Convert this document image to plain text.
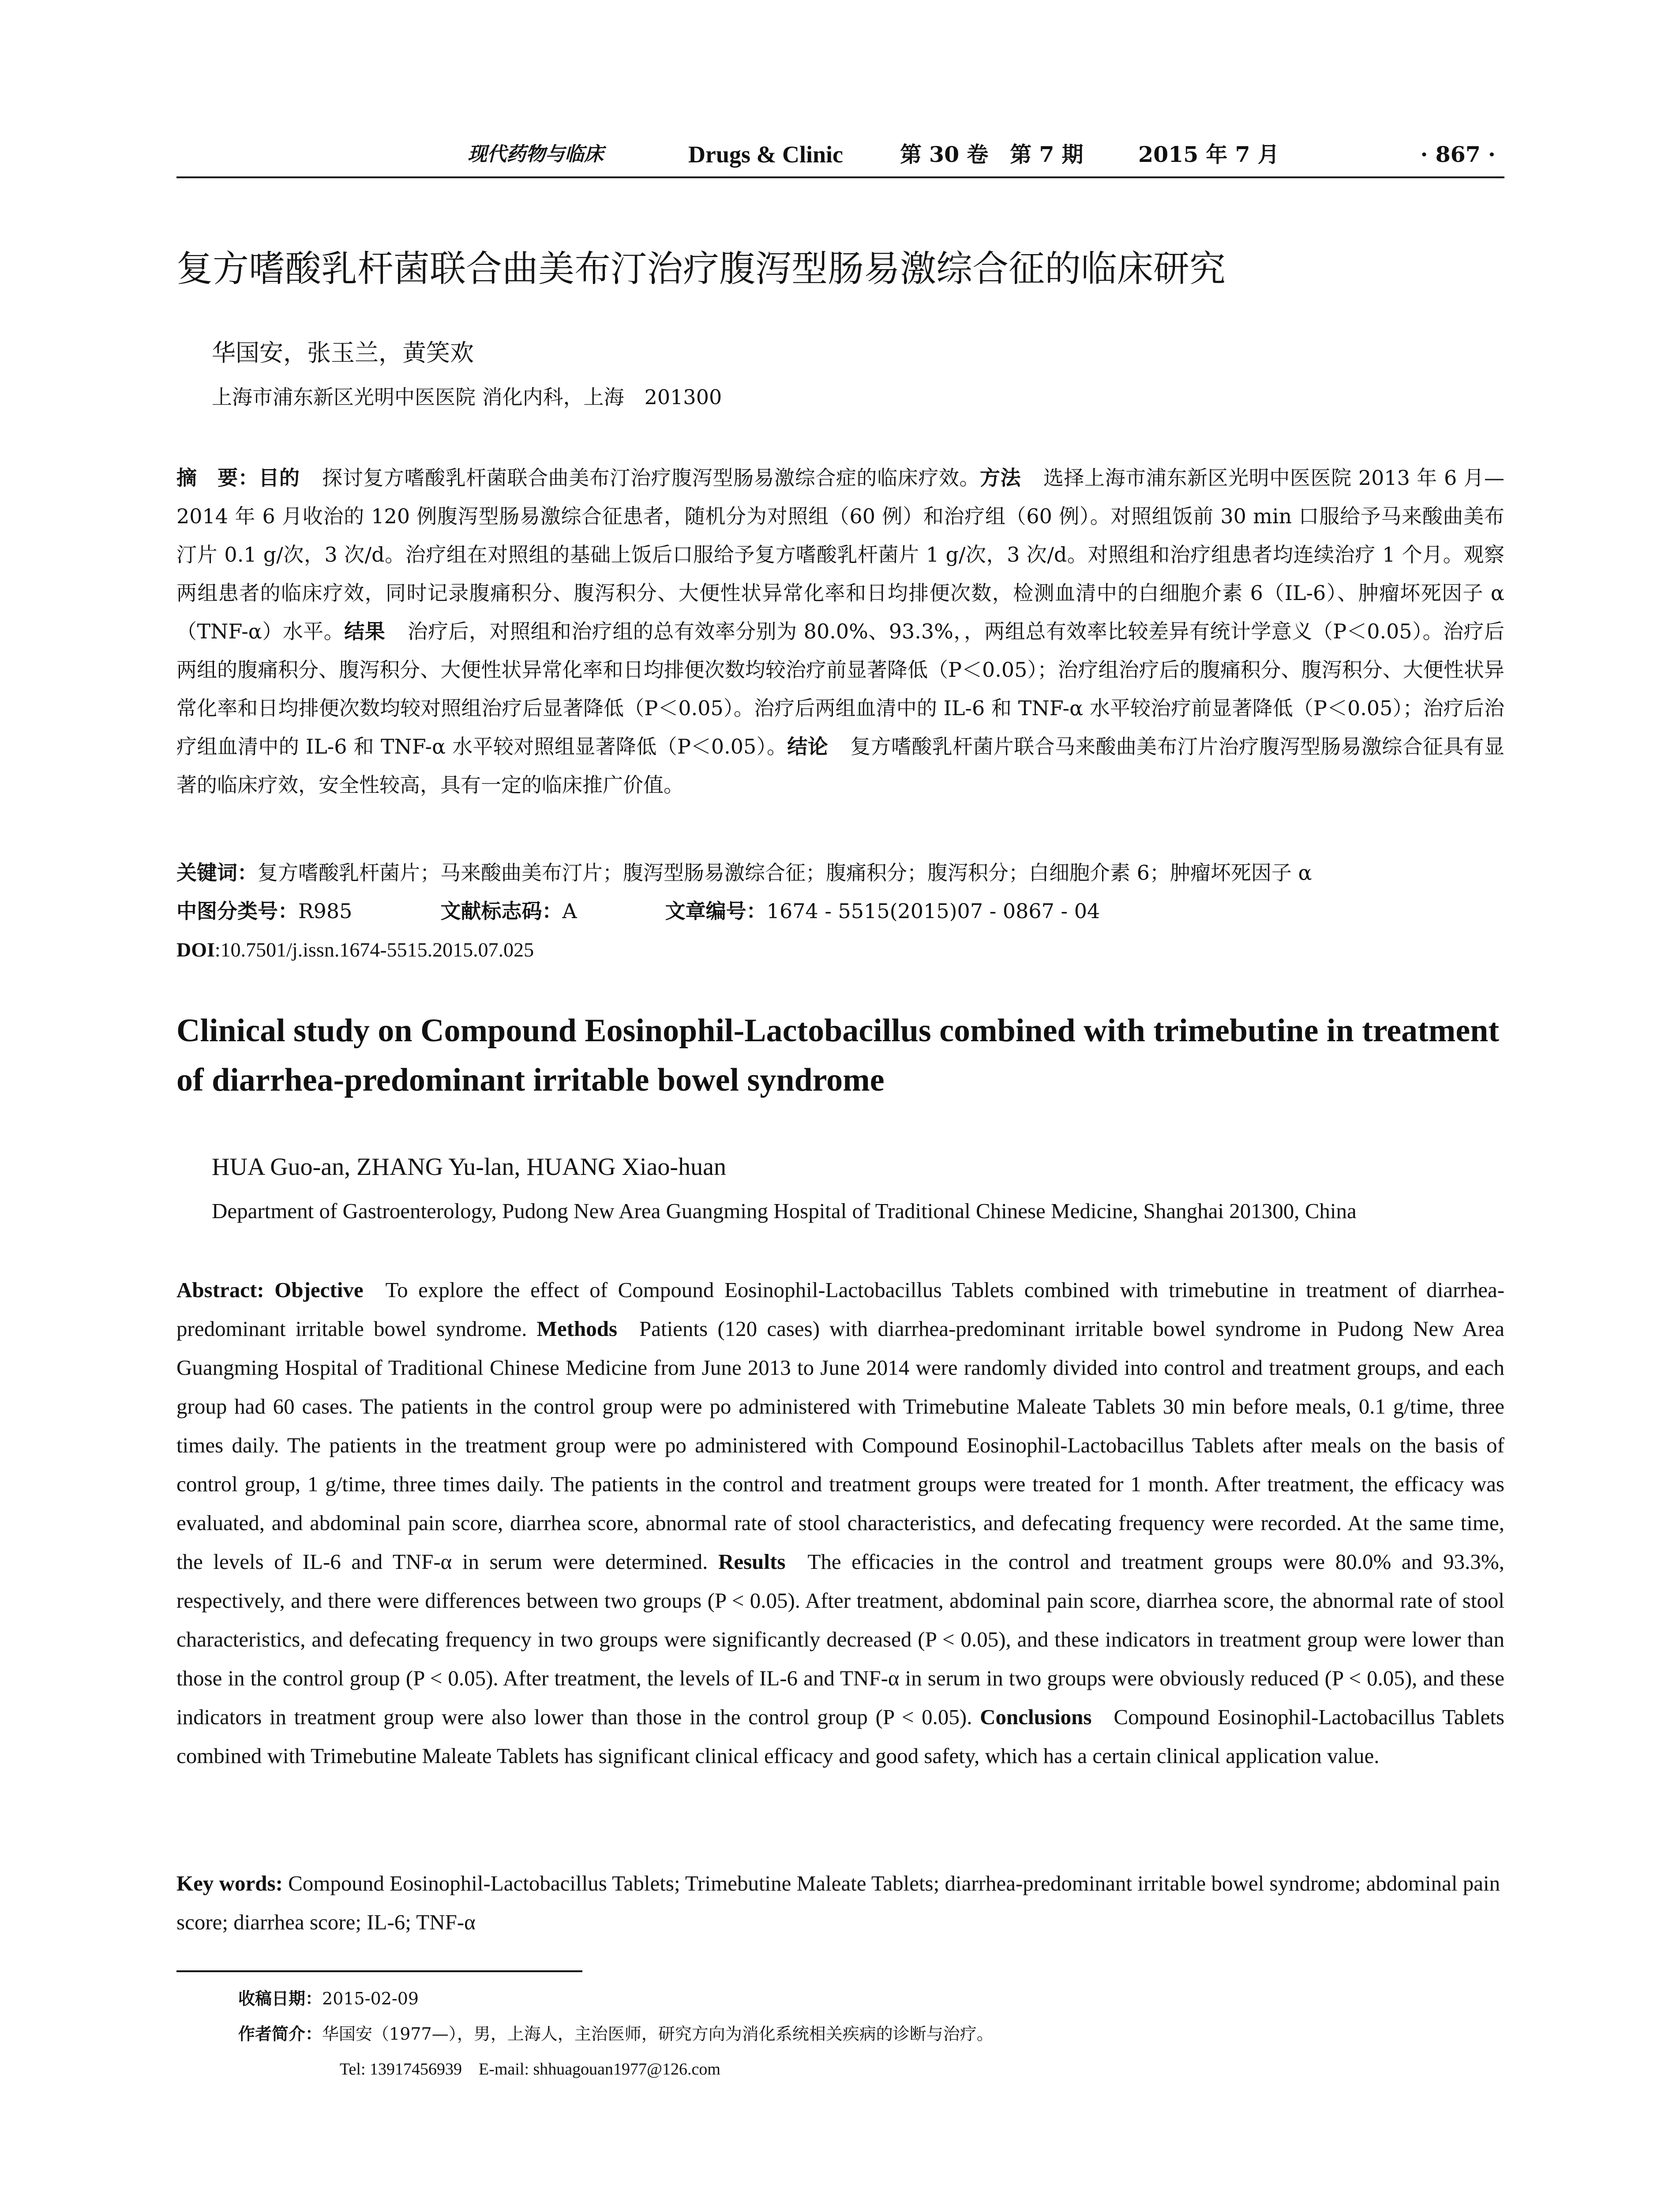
现代药物与临床	Drugs & Clinic	第 30 卷　第 7 期	2015 年 7 月	· 867 ·
复方嗜酸乳杆菌联合曲美布汀治疗腹泻型肠易激综合征的临床研究
华国安，张玉兰，黄笑欢
上海市浦东新区光明中医医院 消化内科，上海　201300

摘　要：目的 探讨复方嗜酸乳杆菌联合曲美布汀治疗腹泻型肠易激综合症的临床疗效。方法 选择上海市浦东新区光明中医医院 2013 年 6 月—2014 年 6 月收治的 120 例腹泻型肠易激综合征患者，随机分为对照组（60 例）和治疗组（60 例）。对照组饭前 30 min 口服给予马来酸曲美布汀片 0.1 g/次，3 次/d。治疗组在对照组的基础上饭后口服给予复方嗜酸乳杆菌片 1 g/次，3 次/d。对照组和治疗组患者均连续治疗 1 个月。观察两组患者的临床疗效，同时记录腹痛积分、腹泻积分、大便性状异常化率和日均排便次数，检测血清中的白细胞介素 6（IL-6）、肿瘤坏死因子 α（TNF-α）水平。结果 治疗后，对照组和治疗组的总有效率分别为 80.0%、93.3%，，两组总有效率比较差异有统计学意义（P＜0.05）。治疗后两组的腹痛积分、腹泻积分、大便性状异常化率和日均排便次数均较治疗前显著降低（P＜0.05）；治疗组治疗后的腹痛积分、腹泻积分、大便性状异常化率和日均排便次数均较对照组治疗后显著降低（P＜0.05）。治疗后两组血清中的 IL-6 和 TNF-α 水平较治疗前显著降低（P＜0.05）；治疗后治疗组血清中的 IL-6 和 TNF-α 水平较对照组显著降低（P＜0.05）。结论 复方嗜酸乳杆菌片联合马来酸曲美布汀片治疗腹泻型肠易激综合征具有显著的临床疗效，安全性较高，具有一定的临床推广价值。

关键词：复方嗜酸乳杆菌片；马来酸曲美布汀片；腹泻型肠易激综合征；腹痛积分；腹泻积分；白细胞介素 6；肿瘤坏死因子 α
中图分类号：R985	文献标志码：A	文章编号：1674 - 5515(2015)07 - 0867 - 04
DOI:10.7501/j.issn.1674-5515.2015.07.025
Clinical study on Compound Eosinophil-Lactobacillus combined with trimebutine in treatment of diarrhea-predominant irritable bowel syndrome
HUA Guo-an, ZHANG Yu-lan, HUANG Xiao-huan
Department of Gastroenterology, Pudong New Area Guangming Hospital of Traditional Chinese Medicine, Shanghai 201300, China

Abstract: Objective To explore the effect of Compound Eosinophil-Lactobacillus Tablets combined with trimebutine in treatment of diarrhea-predominant irritable bowel syndrome. Methods Patients (120 cases) with diarrhea-predominant irritable bowel syndrome in Pudong New Area Guangming Hospital of Traditional Chinese Medicine from June 2013 to June 2014 were randomly divided into control and treatment groups, and each group had 60 cases. The patients in the control group were po administered with Trimebutine Maleate Tablets 30 min before meals, 0.1 g/time, three times daily. The patients in the treatment group were po administered with Compound Eosinophil-Lactobacillus Tablets after meals on the basis of control group, 1 g/time, three times daily. The patients in the control and treatment groups were treated for 1 month. After treatment, the efficacy was evaluated, and abdominal pain score, diarrhea score, abnormal rate of stool characteristics, and defecating frequency were recorded. At the same time, the levels of IL-6 and TNF-α in serum were determined. Results The efficacies in the control and treatment groups were 80.0% and 93.3%, respectively, and there were differences between two groups (P < 0.05). After treatment, abdominal pain score, diarrhea score, the abnormal rate of stool characteristics, and defecating frequency in two groups were significantly decreased (P < 0.05), and these indicators in treatment group were lower than those in the control group (P < 0.05). After treatment, the levels of IL-6 and TNF-α in serum in two groups were obviously reduced (P < 0.05), and these indicators in treatment group were also lower than those in the control group (P < 0.05). Conclusions Compound Eosinophil-Lactobacillus Tablets combined with Trimebutine Maleate Tablets has significant clinical efficacy and good safety, which has a certain clinical application value.

Key words: Compound Eosinophil-Lactobacillus Tablets; Trimebutine Maleate Tablets; diarrhea-predominant irritable bowel syndrome; abdominal pain score; diarrhea score; IL-6; TNF-α

收稿日期：2015-02-09
作者简介：华国安（1977—），男，上海人，主治医师，研究方向为消化系统相关疾病的诊断与治疗。
Tel: 13917456939　E-mail: shhuagouan1977@126.com
